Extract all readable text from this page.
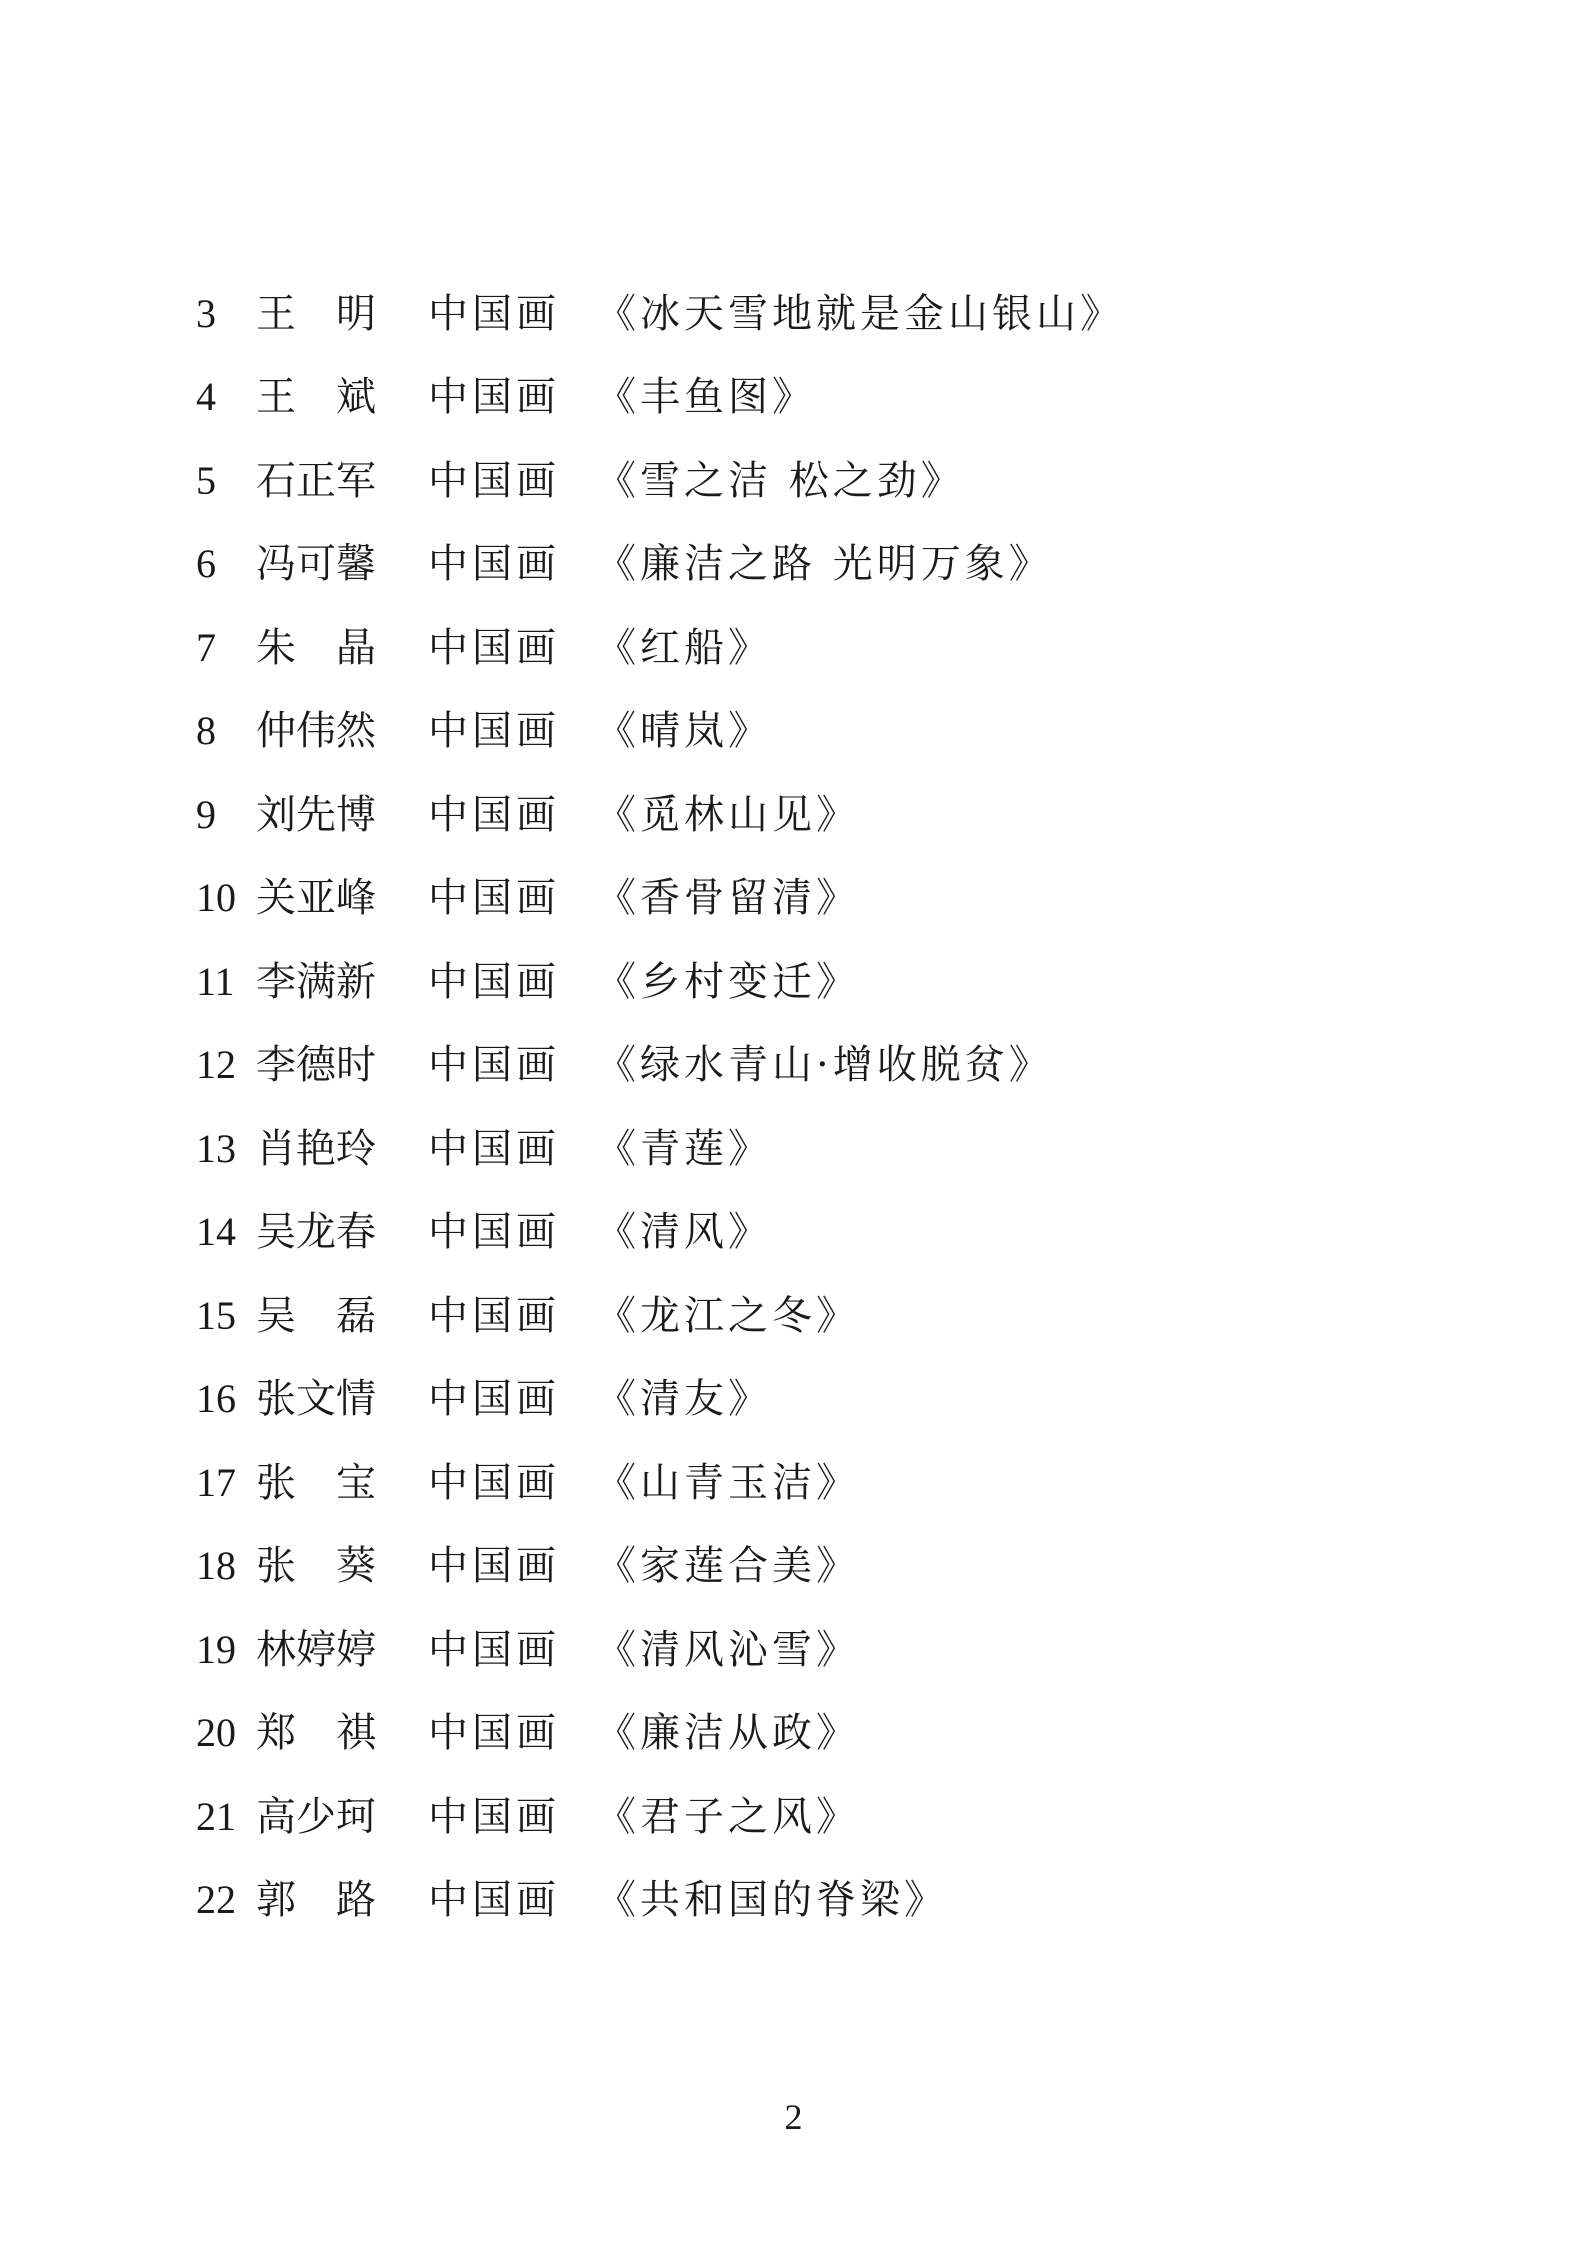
3	王　明	中国画 《冰天雪地就是金山银山》
4	王　斌	中国画 《丰鱼图》
5	石正军	中国画 《雪之洁 松之劲》
6	冯可馨	中国画 《廉洁之路 光明万象》
7	朱　晶	中国画 《红船》
8	仲伟然	中国画 《晴岚》
9	刘先博	中国画 《觅林山见》
10 关亚峰	中国画 《香骨留清》
11 李满新	中国画 《乡村变迁》
12 李德时	中国画 《绿水青山·增收脱贫》
13 肖艳玲	中国画 《青莲》
14 吴龙春	中国画 《清风》
15 吴　磊	中国画 《龙江之冬》
16 张文情	中国画 《清友》
17 张　宝	中国画 《山青玉洁》
18 张　葵	中国画 《家莲合美》
19 林婷婷	中国画 《清风沁雪》
20 郑　祺	中国画 《廉洁从政》
21 高少珂	中国画 《君子之风》
22 郭　路	中国画 《共和国的脊梁》
2
